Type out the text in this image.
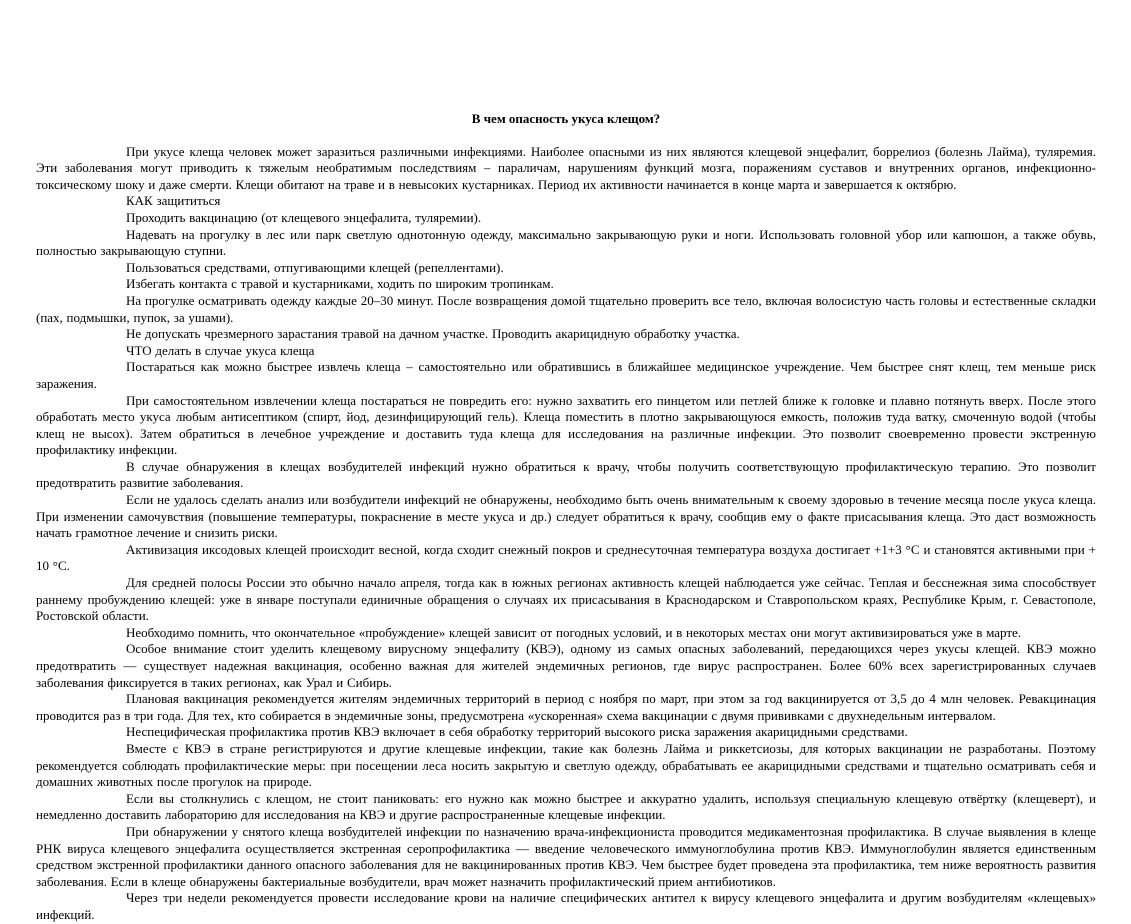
В чем опасность укуса клещом?

При укусе клеща человек может заразиться различными инфекциями. Наиболее опасными из них являются клещевой энцефалит, боррелиоз (болезнь Лайма), туляремия. Эти заболевания могут приводить к тяжелым необратимым последствиям – параличам, нарушениям функций мозга, поражениям суставов и внутренних органов, инфекционно-токсическому шоку и даже смерти. Клещи обитают на траве и в невысоких кустарниках. Период их активности начинается в конце марта и завершается к октябрю.

КАК защититься

Проходить вакцинацию (от клещевого энцефалита, туляремии).

Надевать на прогулку в лес или парк светлую однотонную одежду, максимально закрывающую руки и ноги. Использовать головной убор или капюшон, а также обувь, полностью закрывающую ступни.

Пользоваться средствами, отпугивающими клещей (репеллентами).

Избегать контакта с травой и кустарниками, ходить по широким тропинкам.

На прогулке осматривать одежду каждые 20–30 минут. После возвращения домой тщательно проверить все тело, включая волосистую часть головы и естественные складки (пах, подмышки, пупок, за ушами).

Не допускать чрезмерного зарастания травой на дачном участке. Проводить акарицидную обработку участка.

ЧТО делать в случае укуса клеща

Постараться как можно быстрее извлечь клеща – самостоятельно или обратившись в ближайшее медицинское учреждение. Чем быстрее снят клещ, тем меньше риск заражения.

При самостоятельном извлечении клеща постараться не повредить его: нужно захватить его пинцетом или петлей ближе к головке и плавно потянуть вверх. После этого обработать место укуса любым антисептиком (спирт, йод, дезинфицирующий гель). Клеща поместить в плотно закрывающуюся емкость, положив туда ватку, смоченную водой (чтобы клещ не высох). Затем обратиться в лечебное учреждение и доставить туда клеща для исследования на различные инфекции. Это позволит своевременно провести экстренную профилактику инфекции.

В случае обнаружения в клещах возбудителей инфекций нужно обратиться к врачу, чтобы получить соответствующую профилактическую терапию. Это позволит предотвратить развитие заболевания.

Если не удалось сделать анализ или возбудители инфекций не обнаружены, необходимо быть очень внимательным к своему здоровью в течение месяца после укуса клеща. При изменении самочувствия (повышение температуры, покраснение в месте укуса и др.) следует обратиться к врачу, сообщив ему о факте присасывания клеща. Это даст возможность начать грамотное лечение и снизить риски.

Активизация иксодовых клещей происходит весной, когда сходит снежный покров и среднесуточная температура воздуха достигает +1+3 °С и становятся активными при + 10 °С.

Для средней полосы России это обычно начало апреля, тогда как в южных регионах активность клещей наблюдается уже сейчас. Теплая и бесснежная зима способствует раннему пробуждению клещей: уже в январе поступали единичные обращения о случаях их присасывания в Краснодарском и Ставропольском краях, Республике Крым, г. Севастополе, Ростовской области.

Необходимо помнить, что окончательное «пробуждение» клещей зависит от погодных условий, и в некоторых местах они могут активизироваться уже в марте.

Особое внимание стоит уделить клещевому вирусному энцефалиту (КВЭ), одному из самых опасных заболеваний, передающихся через укусы клещей. КВЭ можно предотвратить — существует надежная вакцинация, особенно важная для жителей эндемичных регионов, где вирус распространен. Более 60% всех зарегистрированных случаев заболевания фиксируется в таких регионах, как Урал и Сибирь.

Плановая вакцинация рекомендуется жителям эндемичных территорий в период с ноября по март, при этом за год вакцинируется от 3,5 до 4 млн человек. Ревакцинация проводится раз в три года. Для тех, кто собирается в эндемичные зоны, предусмотрена «ускоренная» схема вакцинации с двумя прививками с двухнедельным интервалом.

Неспецифическая профилактика против КВЭ включает в себя обработку территорий высокого риска заражения акарицидными средствами.

Вместе с КВЭ в стране регистрируются и другие клещевые инфекции, такие как болезнь Лайма и риккетсиозы, для которых вакцинации не разработаны. Поэтому рекомендуется соблюдать профилактические меры: при посещении леса носить закрытую и светлую одежду, обрабатывать ее акарицидными средствами и тщательно осматривать себя и домашних животных после прогулок на природе.

Если вы столкнулись с клещом, не стоит паниковать: его нужно как можно быстрее и аккуратно удалить, используя специальную клещевую отвёртку (клещеверт), и немедленно доставить лабораторию для исследования на КВЭ и другие распространенные клещевые инфекции.

При обнаружении у снятого клеща возбудителей инфекции по назначению врача-инфекциониста проводится медикаментозная профилактика. В случае выявления в клеще РНК вируса клещевого энцефалита осуществляется экстренная серопрофилактика — введение человеческого иммуноглобулина против КВЭ. Иммуноглобулин является единственным средством экстренной профилактики данного опасного заболевания для не вакцинированных против КВЭ. Чем быстрее будет проведена эта профилактика, тем ниже вероятность развития заболевания. Если в клеще обнаружены бактериальные возбудители, врач может назначить профилактический прием антибиотиков.

Через три недели рекомендуется провести исследование крови на наличие специфических антител к вирусу клещевого энцефалита и другим возбудителям «клещевых» инфекций.
